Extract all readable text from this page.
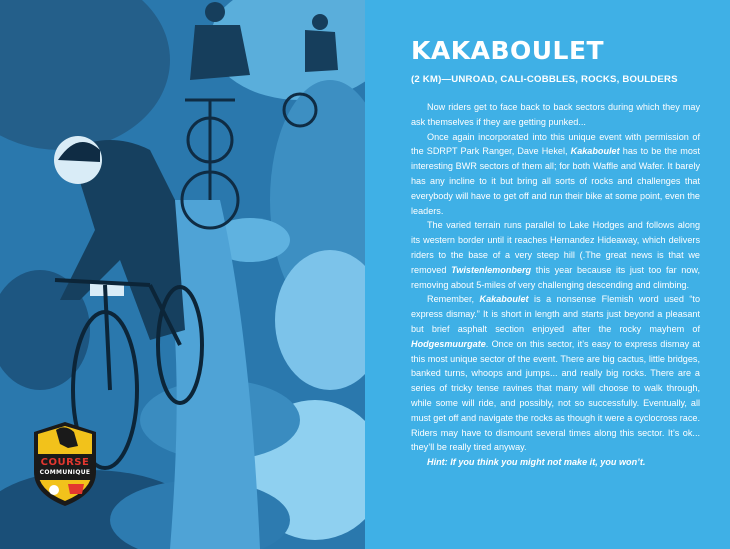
COURSE
COMMUNIQUE
KAKABOULET
(2 KM)—UNROAD, CALI-COBBLES, ROCKS, BOULDERS

Now riders get to face back to back sectors during which they may ask themselves if they are getting punked...

Once again incorporated into this unique event with permission of the SDRPT Park Ranger, Dave Hekel, Kakaboulet has to be the most interesting BWR sectors of them all; for both Waffle and Wafer. It barely has any incline to it but bring all sorts of rocks and challenges that everybody will have to get off and run their bike at some point, even the leaders.

The varied terrain runs parallel to Lake Hodges and follows along its western border until it reaches Hernandez Hideaway, which delivers riders to the base of a very steep hill (.The great news is that we removed Twistenlemonberg this year because its just too far now, removing about 5-miles of very challenging descending and climbing.

Remember, Kakaboulet is a nonsense Flemish word used “to express dismay.” It is short in length and starts just beyond a pleasant but brief asphalt section enjoyed after the rocky mayhem of Hodgesmuurgate. Once on this sector, it’s easy to express dismay at this most unique sector of the event. There are big cactus, little bridges, banked turns, whoops and jumps... and really big rocks. There are a series of tricky tense ravines that many will choose to walk through, while some will ride, and possibly, not so successfully. Eventually, all must get off and navigate the rocks as though it were a cyclocross race. Riders may have to dismount several times along this sector. It’s ok... they’ll be really tired anyway.

Hint: If you think you might not make it, you won’t.
